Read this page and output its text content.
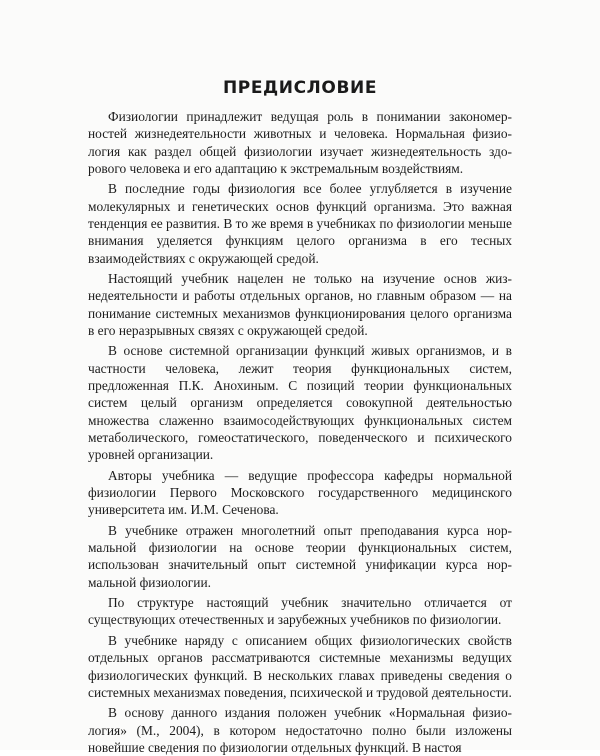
ПРЕДИСЛОВИЕ

Физиологии принадлежит ведущая роль в понимании закономерностей жизнедеятельности животных и человека. Нормальная физиология как раздел общей физиологии изучает жизнедеятельность здорового человека и его адаптацию к экстремальным воздействиям.

В последние годы физиология все более углубляется в изучение молекулярных и генетических основ функций организма. Это важная тенденция ее развития. В то же время в учебниках по физиологии меньше внимания уделяется функциям целого организма в его тесных взаимодействиях с окружающей средой.

Настоящий учебник нацелен не только на изучение основ жизнедеятельности и работы отдельных органов, но главным образом — на понимание системных механизмов функционирования целого организма в его неразрывных связях с окружающей средой.

В основе системной организации функций живых организмов, и в частности человека, лежит теория функциональных систем, предложенная П.К. Анохиным. С позиций теории функциональных систем целый организм определяется совокупной деятельностью множества слаженно взаимосодействующих функциональных систем метаболического, гомеостатического, поведенческого и психического уровней организации.

Авторы учебника — ведущие профессора кафедры нормальной физиологии Первого Московского государственного медицинского университета им. И.М. Сеченова.

В учебнике отражен многолетний опыт преподавания курса нормальной физиологии на основе теории функциональных систем, использован значительный опыт системной унификации курса нормальной физиологии.

По структуре настоящий учебник значительно отличается от существующих отечественных и зарубежных учебников по физиологии.

В учебнике наряду с описанием общих физиологических свойств отдельных органов рассматриваются системные механизмы ведущих физиологических функций. В нескольких главах приведены сведения о системных механизмах поведения, психической и трудовой деятельности.

В основу данного издания положен учебник «Нормальная физиология» (М., 2004), в котором недостаточно полно были изложены новейшие сведения по физиологии отдельных функций. В настоя
